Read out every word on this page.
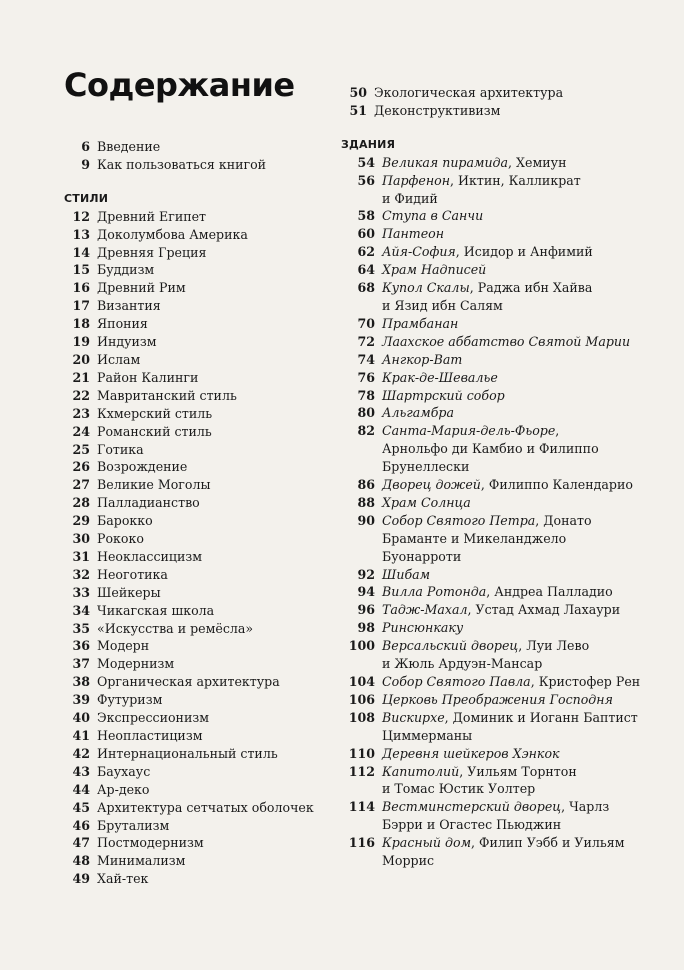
Содержание
6 Введение
9 Как пользоваться книгой
СТИЛИ
12 Древний Египет
13 Доколумбова Америка
14 Древняя Греция
15 Буддизм
16 Древний Рим
17 Византия
18 Япония
19 Индуизм
20 Ислам
21 Район Калинги
22 Мавританский стиль
23 Кхмерский стиль
24 Романский стиль
25 Готика
26 Возрождение
27 Великие Моголы
28 Палладианство
29 Барокко
30 Рококо
31 Неоклассицизм
32 Неоготика
33 Шейкеры
34 Чикагская школа
35 «Искусства и ремёсла»
36 Модерн
37 Модернизм
38 Органическая архитектура
39 Футуризм
40 Экспрессионизм
41 Неопластицизм
42 Интернациональный стиль
43 Баухаус
44 Ар-деко
45 Архитектура сетчатых оболочек
46 Брутализм
47 Постмодернизм
48 Минимализм
49 Хай-тек
50 Экологическая архитектура
51 Деконструктивизм
ЗДАНИЯ
54 Великая пирамида, Хемиун
56 Парфенон, Иктин, Калликрат
и Фидий
58 Ступа в Санчи
60 Пантеон
62 Айя-София, Исидор и Анфимий
64 Храм Надписей
68 Купол Скалы, Раджа ибн Хайва
и Язид ибн Салям
70 Прамбанан
72 Лаахское аббатство Святой Марии
74 Ангкор-Ват
76 Крак-де-Шевалье
78 Шартрский собор
80 Альгамбра
82 Санта-Мария-дель-Фьоре,
Арнольфо ди Камбио и Филиппо
Брунеллески
86 Дворец дожей, Филиппо Календарио
88 Храм Солнца
90 Собор Святого Петра, Донато
Браманте и Микеланджело
Буонарроти
92 Шибам
94 Вилла Ротонда, Андреа Палладио
96 Тадж-Махал, Устад Ахмад Лахаури
98 Ринсюнкаку
100 Версальский дворец, Луи Лево
и Жюль Ардуэн-Мансар
104 Собор Святого Павла, Кристофер Рен
106 Церковь Преображения Господня
108 Вискирхе, Доминик и Иоганн Баптист
Циммерманы
110 Деревня шейкеров Хэнкок
112 Капитолий, Уильям Торнтон
и Томас Юстик Уолтер
114 Вестминстерский дворец, Чарлз
Бэрри и Огастес Пьюджин
116 Красный дом, Филип Уэбб и Уильям
Моррис
